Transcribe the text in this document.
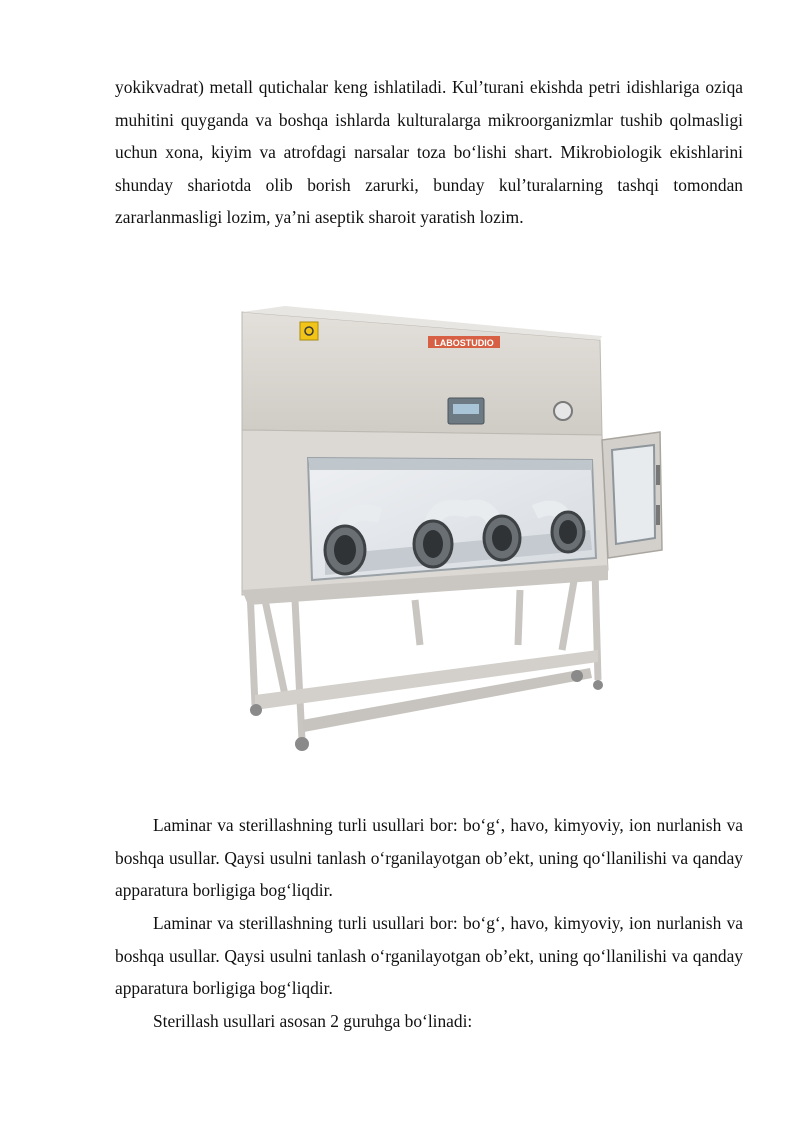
yokikvadrat) metall qutichalar keng ishlatiladi. Kul’turani ekishda petri idishlariga oziqa muhitini quyganda va boshqa ishlarda kulturalarga mikroorganizmlar tushib qolmasligi uchun xona, kiyim va atrofdagi narsalar toza bo‘lishi shart. Mikrobiologik ekishlarini shunday shariotda olib borish zarurki, bunday kul’turalarning tashqi tomondan zararlanmasligi lozim, ya’ni aseptik sharoit yaratish lozim.

LABOSTUDIO

Laminar va sterillashning turli usullari bor: bo‘g‘, havo, kimyoviy, ion nurlanish va boshqa usullar. Qaysi usulni tanlash o‘rganilayotgan ob’ekt, uning qo‘llanilishi va qanday apparatura borligiga bog‘liqdir.

Laminar va sterillashning turli usullari bor: bo‘g‘, havo, kimyoviy, ion nurlanish va boshqa usullar. Qaysi usulni tanlash o‘rganilayotgan ob’ekt, uning qo‘llanilishi va qanday apparatura borligiga bog‘liqdir.

Sterillash usullari asosan 2 guruhga bo‘linadi:
